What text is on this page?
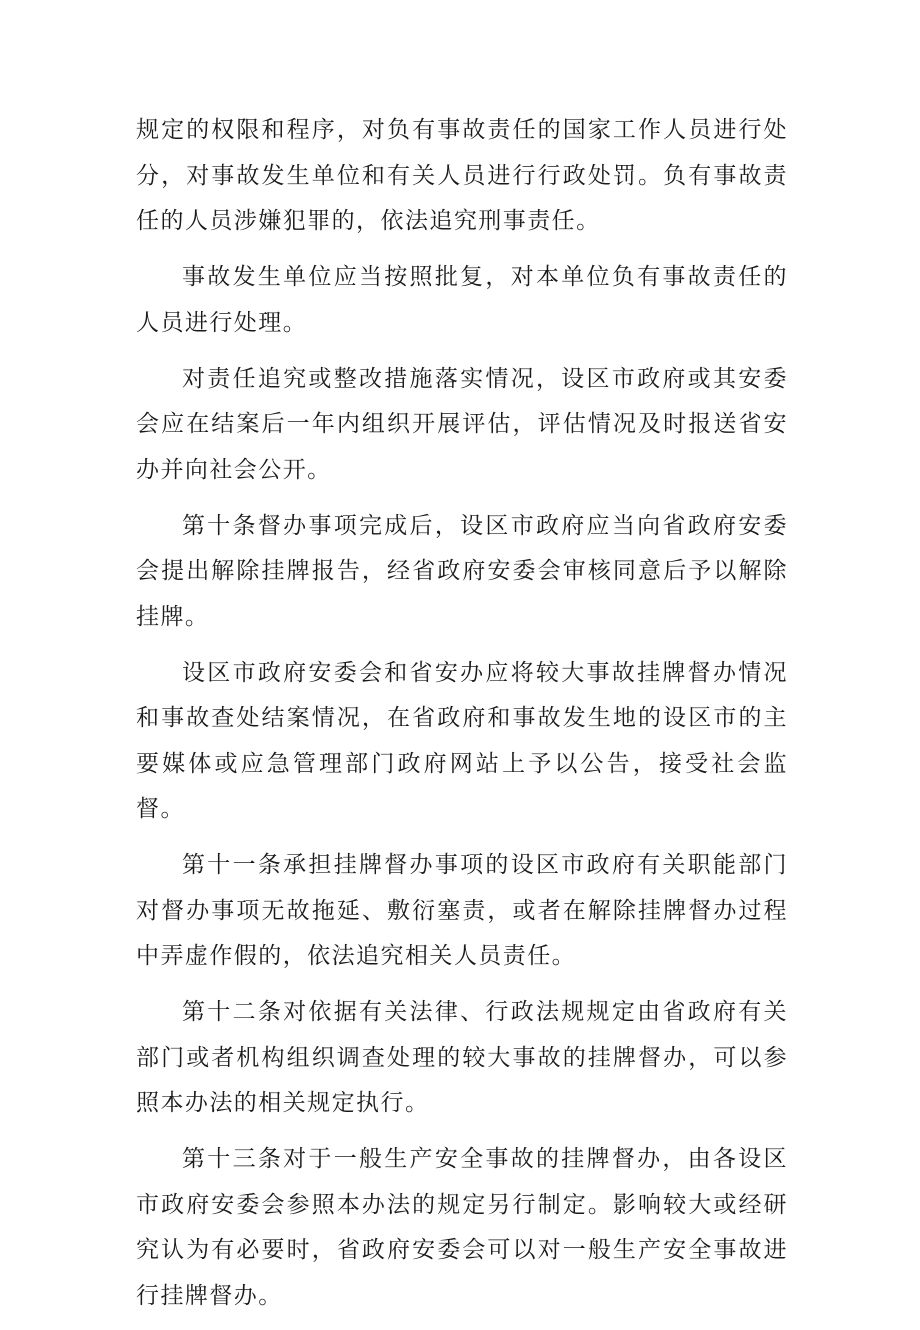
规定的权限和程序，对负有事故责任的国家工作人员进行处分，对事故发生单位和有关人员进行行政处罚。负有事故责任的人员涉嫌犯罪的，依法追究刑事责任。

事故发生单位应当按照批复，对本单位负有事故责任的人员进行处理。

对责任追究或整改措施落实情况，设区市政府或其安委会应在结案后一年内组织开展评估，评估情况及时报送省安办并向社会公开。

第十条督办事项完成后，设区市政府应当向省政府安委会提出解除挂牌报告，经省政府安委会审核同意后予以解除挂牌。

设区市政府安委会和省安办应将较大事故挂牌督办情况和事故查处结案情况，在省政府和事故发生地的设区市的主要媒体或应急管理部门政府网站上予以公告，接受社会监督。

第十一条承担挂牌督办事项的设区市政府有关职能部门对督办事项无故拖延、敷衍塞责，或者在解除挂牌督办过程中弄虚作假的，依法追究相关人员责任。

第十二条对依据有关法律、行政法规规定由省政府有关部门或者机构组织调查处理的较大事故的挂牌督办，可以参照本办法的相关规定执行。

第十三条对于一般生产安全事故的挂牌督办，由各设区市政府安委会参照本办法的规定另行制定。影响较大或经研究认为有必要时，省政府安委会可以对一般生产安全事故进行挂牌督办。
